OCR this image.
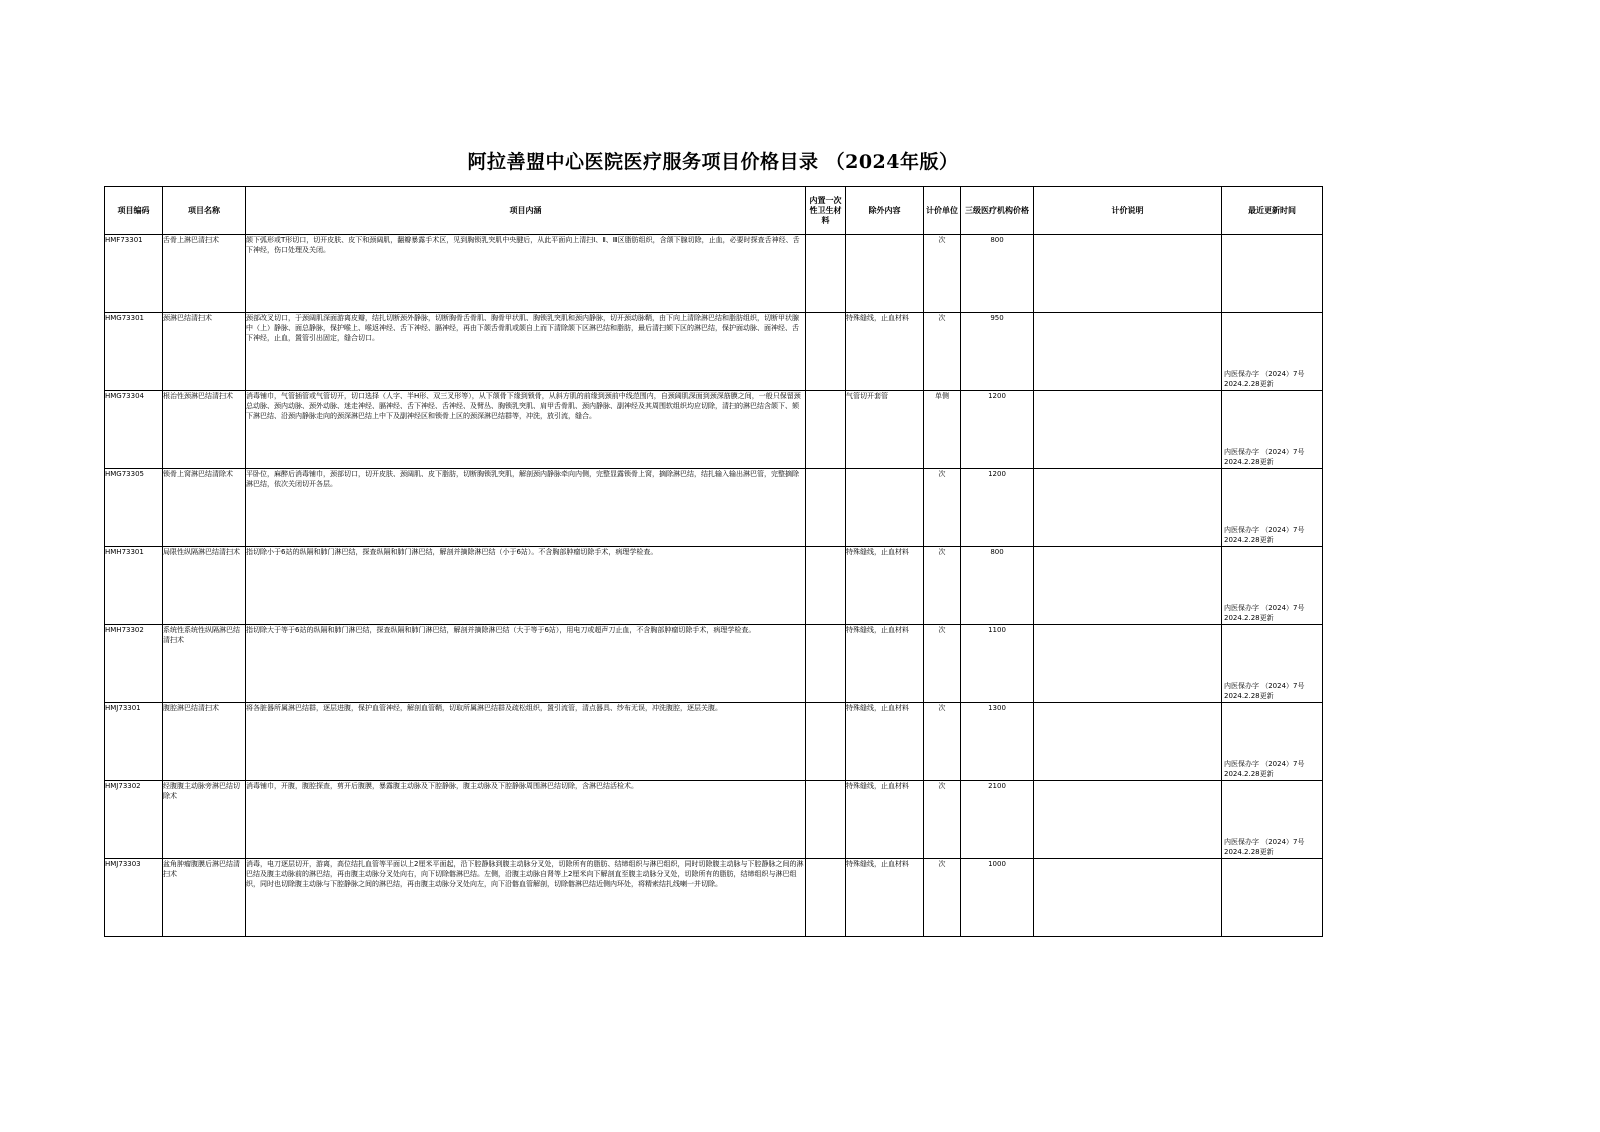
阿拉善盟中心医院医疗服务项目价格目录 （2024年版）
项目编码	项目名称	项目内涵	内置一次性卫生材料	除外内容	计价单位	三级医疗机构价格	计价说明	最近更新时间
HMF73301	舌骨上淋巴清扫术	颌下弧形或T形切口，切开皮肤、皮下和颈阔肌，翻瓣暴露手术区，见到胸锁乳突肌中央腱后，从此平面向上清扫Ⅰ、Ⅱ、Ⅲ区脂肪组织，含颌下腺切除，止血，必要时探查舌神经、舌下神经，伤口处理及关闭。			次	800		

HMG73301	颈淋巴结清扫术	颈部改叉切口，于颈阔肌深面游离皮瓣，结扎切断颈外静脉，切断胸骨舌骨肌、胸骨甲状肌、胸锁乳突肌和颈内静脉，切开颈动脉鞘，由下向上清除淋巴结和脂肪组织，切断甲状腺中（上）静脉、面总静脉，保护喉上、喉返神经、舌下神经、膈神经，再由下颌舌骨肌或颌自上而下清除颌下区淋巴结和脂肪，最后清扫颏下区的淋巴结，保护面动脉、面神经、舌下神经，止血，置管引出固定，缝合切口。		特殊缝线，止血材料	次	950		内医保办字 （2024）7号 2024.2.28更新

HMG73304	根治性颈淋巴结清扫术	消毒铺巾，气管插管或气管切开，切口选择（人字、半H形、双三叉形等），从下颌骨下缘到锁骨，从斜方肌的前缘到颈前中线范围内，自颈阔肌深面到颈深筋膜之间，一般只保留颈总动脉、颈内动脉、颈外动脉、迷走神经、膈神经、舌下神经、舌神经、及臂丛、胸锁乳突肌、肩甲舌骨肌、颈内静脉、副神经及其周围软组织均应切除，清扫的淋巴结含颌下、颏下淋巴结、沿颈内静脉走向的颈深淋巴结上中下及副神经区和锁骨上区的颈深淋巴结群等，冲洗，放引流，缝合。		气管切开套管	单侧	1200		内医保办字 （2024）7号 2024.2.28更新

HMG73305	锁骨上窝淋巴结清除术	平卧位，麻醉后消毒铺巾，颈部切口，切开皮肤、颈阔肌、皮下脂肪，切断胸锁乳突肌，解剖颈内静脉牵向内侧，完整显露锁骨上窝，摘除淋巴结，结扎输入输出淋巴管，完整摘除淋巴结，依次关闭切开各层。			次	1200		内医保办字 （2024）7号 2024.2.28更新

HMH73301	局限性纵隔淋巴结清扫术	指切除小于6站的纵隔和肺门淋巴结，探查纵隔和肺门淋巴结，解剖并摘除淋巴结（小于6站）。不含胸部肿瘤切除手术，病理学检查。		特殊缝线，止血材料	次	800		内医保办字 （2024）7号 2024.2.28更新

HMH73302	系统性系统性纵隔淋巴结清扫术	指切除大于等于6站的纵隔和肺门淋巴结，探查纵隔和肺门淋巴结，解剖并摘除淋巴结（大于等于6站），用电刀或超声刀止血，不含胸部肿瘤切除手术，病理学检查。		特殊缝线，止血材料	次	1100		内医保办字 （2024）7号 2024.2.28更新

HMJ73301	腹腔淋巴结清扫术	将各脏器所属淋巴结群，逐层进腹，保护血管神经，解剖血管鞘，切取所属淋巴结群及疏松组织，置引流管，清点器具、纱布无误，冲洗腹腔，逐层关腹。		特殊缝线，止血材料	次	1300		内医保办字 （2024）7号 2024.2.28更新

HMJ73302	经腹腹主动脉旁淋巴结切除术	消毒铺巾，开腹，腹腔探查，剪开后腹膜，暴露腹主动脉及下腔静脉，腹主动脉及下腔静脉周围淋巴结切除，含淋巴结活检术。		特殊缝线，止血材料	次	2100		内医保办字 （2024）7号 2024.2.28更新

HMJ73303	盆角肿瘤腹膜后淋巴结清扫术	消毒，电刀逐层切开，游离，高位结扎血管等平面以上2厘米平面起，沿下腔静脉到腹主动脉分叉处，切除所有的脂肪、结缔组织与淋巴组织，同时切除腹主动脉与下腔静脉之间的淋巴结及腹主动脉前的淋巴结，再由腹主动脉分叉处向右，向下切除髂淋巴结。左侧，沿腹主动脉自肾等上2厘米向下解剖直至腹主动脉分叉处，切除所有的脂肪，结缔组织与淋巴组织，同时也切除腹主动脉与下腔静脉之间的淋巴结，再由腹主动脉分叉处向左，向下沿髂血管解剖，切除髂淋巴结近侧内环处，将精索结扎线喇一并切除。		特殊缝线，止血材料	次	1000		
